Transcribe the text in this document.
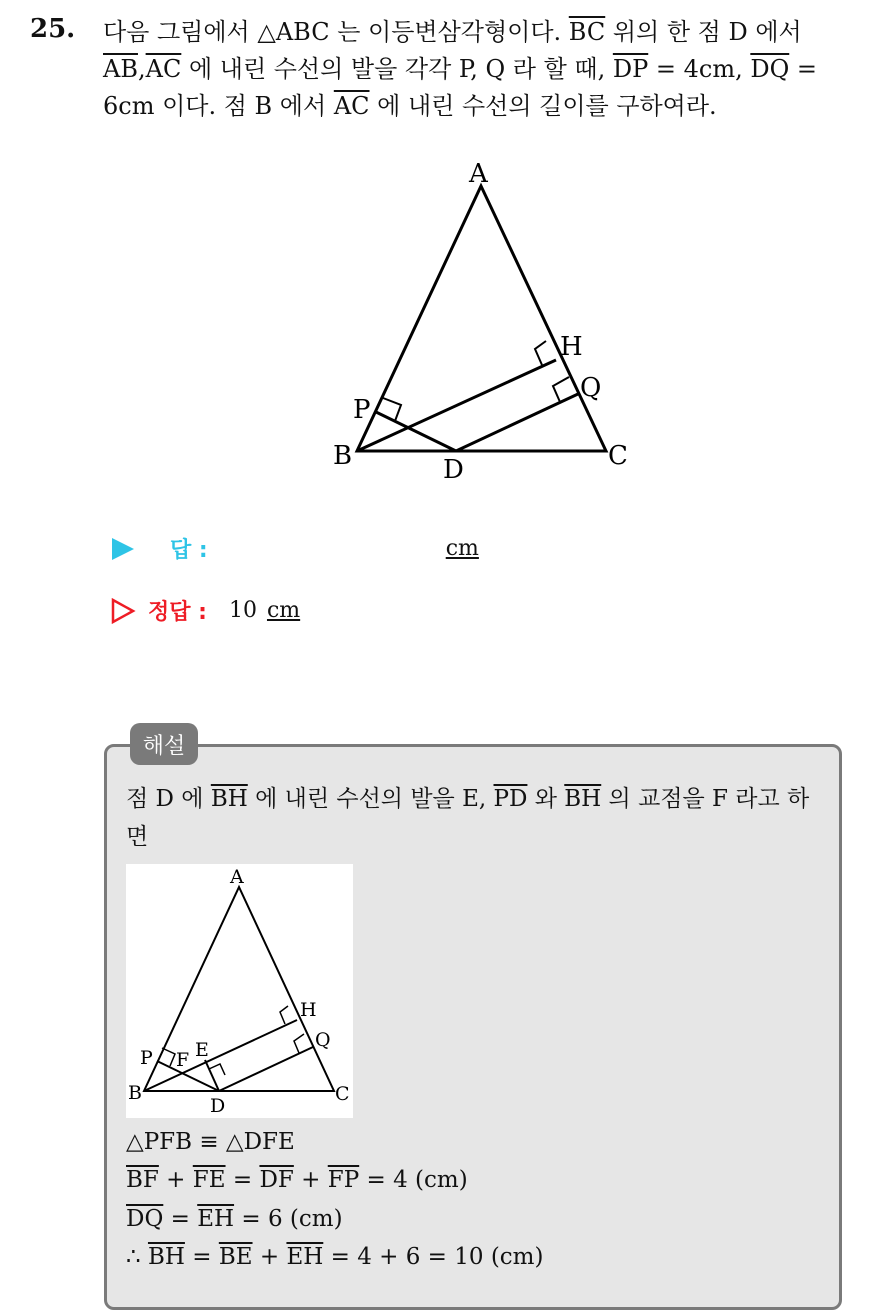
25. 다음 그림에서 △ABC 는 이등변삼각형이다. $\overline{BC}$ 위의 한 점 D 에서 $\overline{AB},\overline{AC}$ 에 내린 수선의 발을 각각 P, Q 라 할 때, $\overline{DP} = 4cm$, $\overline{DQ} = 6cm$ 이다. 점 B 에서 $\overline{AC}$ 에 내린 수선의 길이를 구하여라.
A
B	C
D
P
Q
H
답 :	cm
정답 : 10 cm
해설
점 D 에 $\overline{BH}$ 에 내린 수선의 발을 E, $\overline{PD}$ 와 $\overline{BH}$ 의 교점을 F 라고 하면
A
B	C
D
P
Q
H
E
F
△PFB ≡ △DFE
$\overline{BF} + \overline{FE} = \overline{DF} + \overline{FP} = 4$ (cm)
$\overline{DQ} = \overline{EH} = 6$ (cm)
∴ $\overline{BH} = \overline{BE} + \overline{EH} = 4 + 6 = 10$ (cm)
